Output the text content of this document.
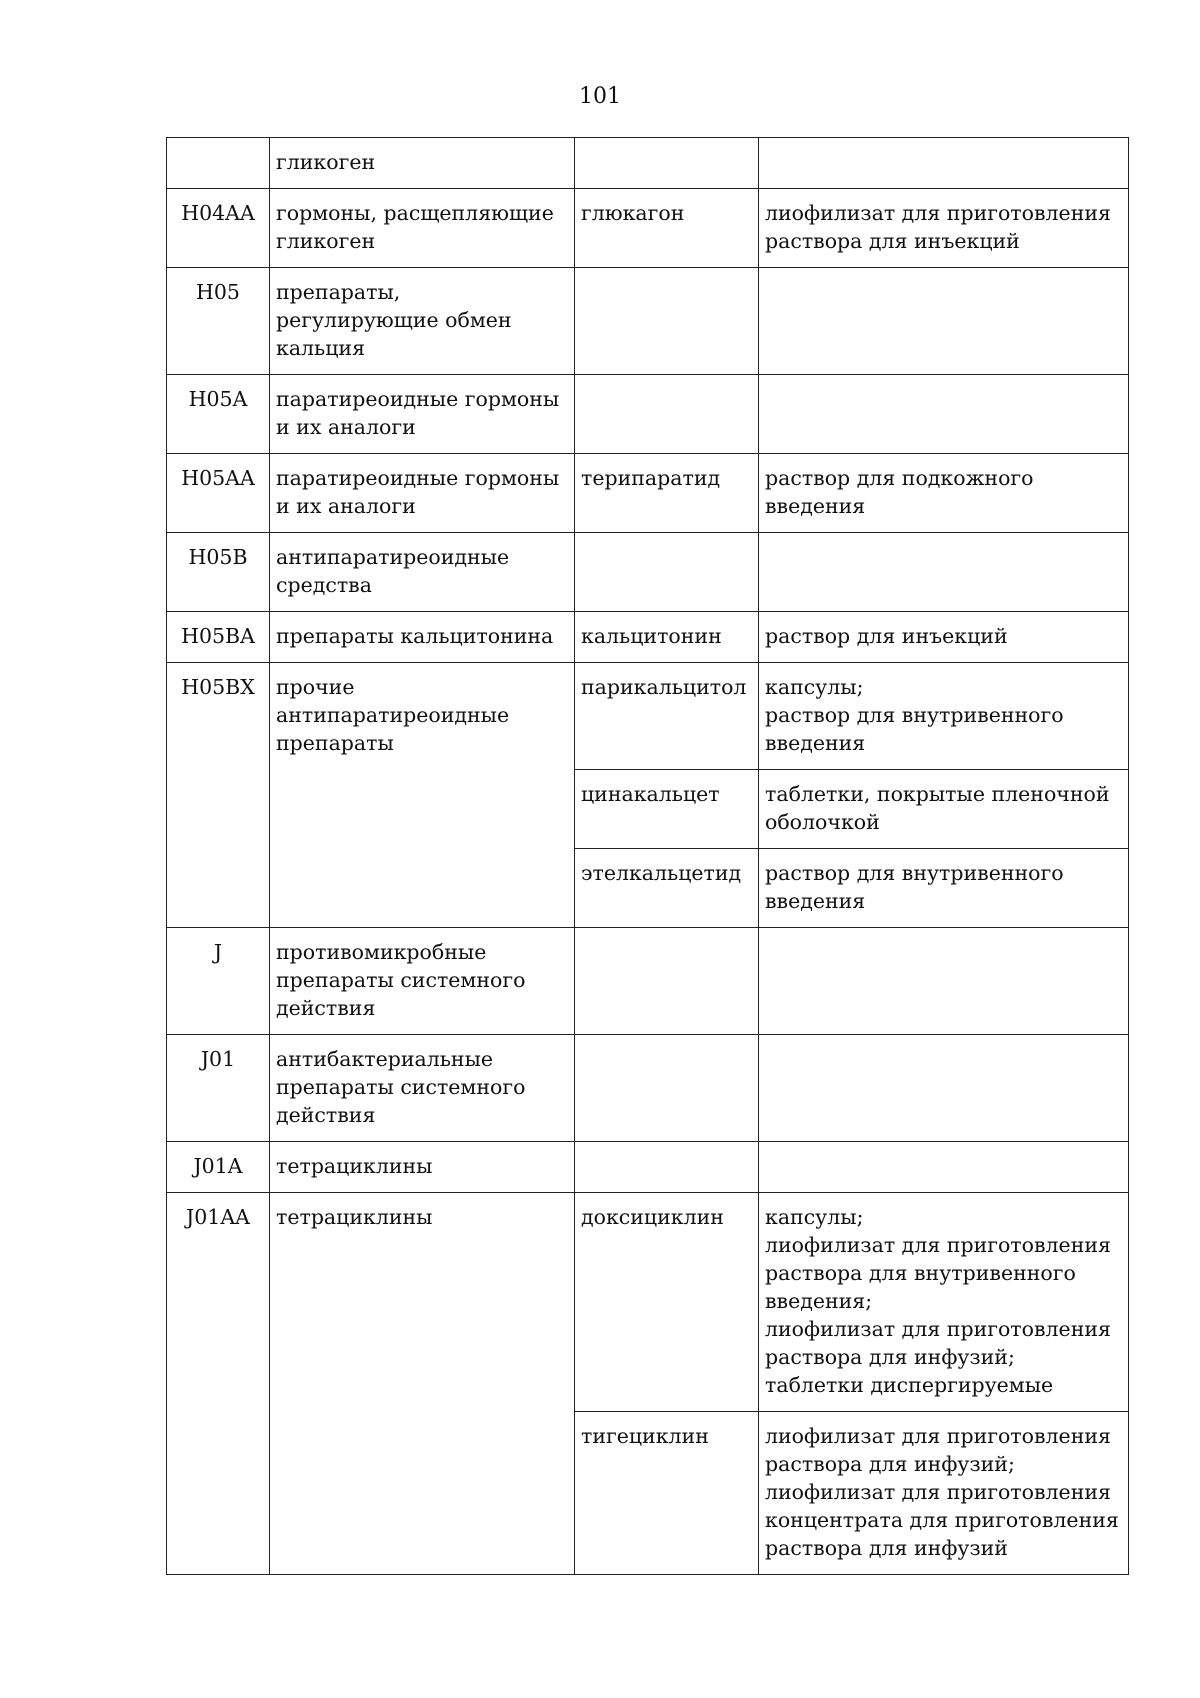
101
	гликоген		
H04AA	гормоны, расщепляющие гликоген	глюкагон	лиофилизат для приготовления раствора для инъекций
H05	препараты, регулирующие обмен кальция		
H05A	паратиреоидные гормоны и их аналоги		
H05AA	паратиреоидные гормоны и их аналоги	терипаратид	раствор для подкожного введения
H05B	антипаратиреоидные средства		
H05BA	препараты кальцитонина	кальцитонин	раствор для инъекций
H05BX	прочие антипаратиреоидные препараты	парикальцитол	капсулы;
раствор для внутривенного введения
		цинакальцет	таблетки, покрытые пленочной оболочкой
		этелкальцетид	раствор для внутривенного введения
J	противомикробные препараты системного действия		
J01	антибактериальные препараты системного действия		
J01A	тетрациклины		
J01AA	тетрациклины	доксициклин	капсулы;
лиофилизат для приготовления раствора для внутривенного введения;
лиофилизат для приготовления раствора для инфузий;
таблетки диспергируемые
		тигециклин	лиофилизат для приготовления раствора для инфузий;
лиофилизат для приготовления концентрата для приготовления раствора для инфузий
